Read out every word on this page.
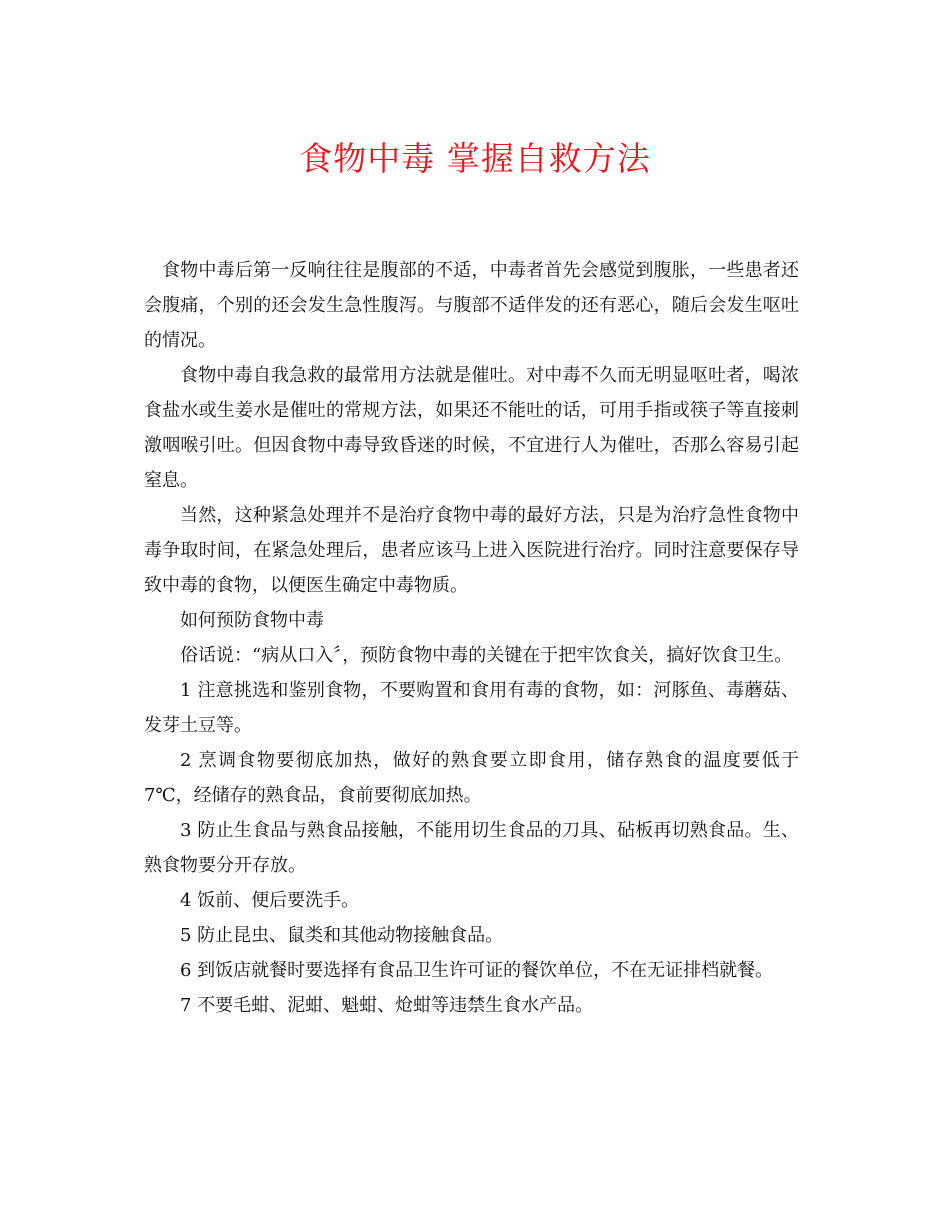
食物中毒 掌握自救方法

食物中毒后第一反响往往是腹部的不适，中毒者首先会感觉到腹胀，一些患者还会腹痛，个别的还会发生急性腹泻。与腹部不适伴发的还有恶心，随后会发生呕吐的情况。

食物中毒自我急救的最常用方法就是催吐。对中毒不久而无明显呕吐者，喝浓食盐水或生姜水是催吐的常规方法，如果还不能吐的话，可用手指或筷子等直接刺激咽喉引吐。但因食物中毒导致昏迷的时候，不宜进行人为催吐，否那么容易引起窒息。

当然，这种紧急处理并不是治疗食物中毒的最好方法，只是为治疗急性食物中毒争取时间，在紧急处理后，患者应该马上进入医院进行治疗。同时注意要保存导致中毒的食物，以便医生确定中毒物质。

如何预防食物中毒

俗话说：“病从口入〞，预防食物中毒的关键在于把牢饮食关，搞好饮食卫生。

1 注意挑选和鉴别食物，不要购置和食用有毒的食物，如：河豚鱼、毒蘑菇、发芽土豆等。

2 烹调食物要彻底加热，做好的熟食要立即食用，储存熟食的温度要低于7℃，经储存的熟食品，食前要彻底加热。

3 防止生食品与熟食品接触，不能用切生食品的刀具、砧板再切熟食品。生、熟食物要分开存放。

4 饭前、便后要洗手。

5 防止昆虫、鼠类和其他动物接触食品。

6 到饭店就餐时要选择有食品卫生许可证的餐饮单位，不在无证排档就餐。

7 不要毛蚶、泥蚶、魁蚶、炝蚶等违禁生食水产品。
